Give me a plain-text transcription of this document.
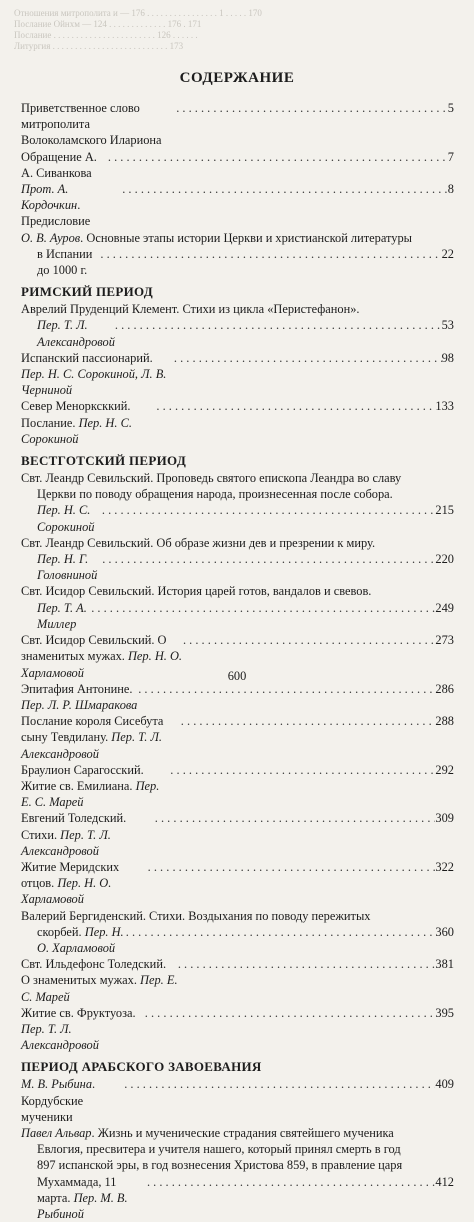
Отношения митрополита и — 176 . . . . . . . . . . . . . . . . 1 . . . . . 170
Послание Ойнхм — 124 . . . . . . . . . . . . . 176 . 171
Послание . . . . . . . . . . . . . . . . . . . . . . . 126 . . . . . .
Литургия . . . . . . . . . . . . . . . . . . . . . . . . . . 173
СОДЕРЖАНИЕ
Приветственное слово митрополита Волоколамского Илариона
. . .
5
Обращение А. А. Сиванкова
. . .
7
Прот. А. Кордочкин. Предисловие
. . .
8
О. В. Ауров. Основные этапы истории Церкви и христианской литературы
в Испании до 1000 г.
. . .
22
РИМСКИЙ ПЕРИОД
Аврелий Пруденций Клемент. Стихи из цикла «Перистефанон».
Пер. Т. Л. Александровой
. . .
53
Испанский пассионарий. Пер. Н. С. Сорокиной, Л. В. Черниной
. . .
98
Север Менорксккий. Послание. Пер. Н. С. Сорокиной
. . .
133
ВЕСТГОТСКИЙ ПЕРИОД
Свт. Леандр Севильский. Проповедь святого епископа Леандра во славу
Церкви по поводу обращения народа, произнесенная после собора.
Пер. Н. С. Сорокиной
. . .
215
Свт. Леандр Севильский. Об образе жизни дев и презрении к миру.
Пер. Н. Г. Головниной
. . .
220
Свт. Исидор Севильский. История царей готов, вандалов и свевов.
Пер. Т. А. Миллер
. . .
249
Свт. Исидор Севильский. О знаменитых мужах. Пер. Н. О. Харламовой
. . .
273
Эпитафия Антонине. Пер. Л. Р. Шмаракова
. . .
286
Послание короля Сисебута сыну Тевдилану. Пер. Т. Л. Александровой
. . .
288
Браулион Сарагосский. Житие св. Емилиана. Пер. Е. С. Марей
. . .
292
Евгений Толедский. Стихи. Пер. Т. Л. Александровой
. . .
309
Житие Меридских отцов. Пер. Н. О. Харламовой
. . .
322
Валерий Бергиденский. Стихи. Воздыхания по поводу пережитых
скорбей. Пер. Н. О. Харламовой
. . .
360
Свт. Ильдефонс Толедский. О знаменитых мужах. Пер. Е. С. Марей
. . .
381
Житие св. Фруктуоза. Пер. Т. Л. Александровой
. . .
395
ПЕРИОД АРАБСКОГО ЗАВОЕВАНИЯ
М. В. Рыбина. Кордубские мученики
. . .
409
Павел Альвар. Жизнь и мученические страдания святейшего мученика
Евлогия, пресвитера и учителя нашего, который принял смерть в год
897 испанской эры, в год вознесения Христова 859, в правление царя
Мухаммада, 11 марта. Пер. М. В. Рыбиной
. . .
412
600
